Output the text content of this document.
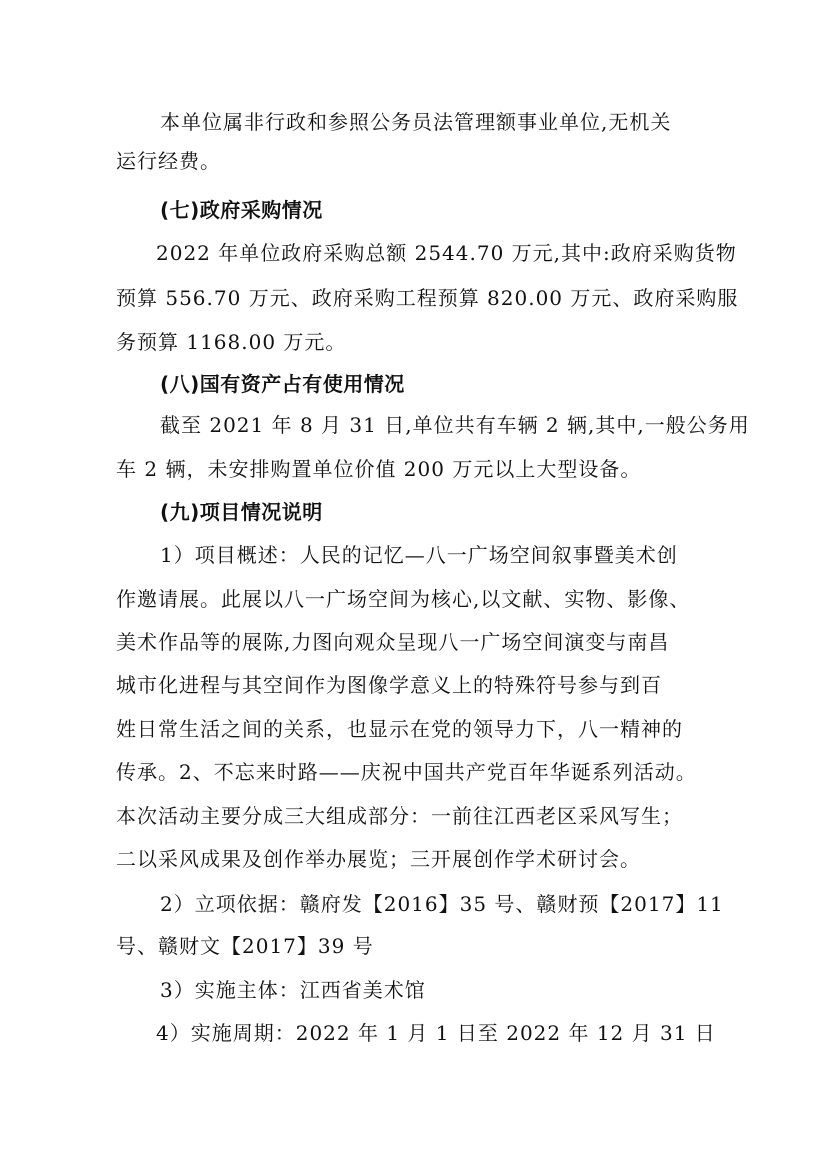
本单位属非行政和参照公务员法管理额事业单位,无机关
运行经费。
(七)政府采购情况
2022 年单位政府采购总额 2544.70 万元,其中:政府采购货物
预算 556.70 万元、政府采购工程预算 820.00 万元、政府采购服
务预算 1168.00 万元。
(八)国有资产占有使用情况
截至 2021 年 8 月 31 日,单位共有车辆 2 辆,其中,一般公务用
车 2 辆，未安排购置单位价值 200 万元以上大型设备。
(九)项目情况说明
1）项目概述：人民的记忆—八一广场空间叙事暨美术创
作邀请展。此展以八一广场空间为核心,以文献、实物、影像、
美术作品等的展陈,力图向观众呈现八一广场空间演变与南昌
城市化进程与其空间作为图像学意义上的特殊符号参与到百
姓日常生活之间的关系，也显示在党的领导力下，八一精神的
传承。2、不忘来时路——庆祝中国共产党百年华诞系列活动。
本次活动主要分成三大组成部分：一前往江西老区采风写生；
二以采风成果及创作举办展览；三开展创作学术研讨会。
2）立项依据：赣府发【2016】35 号、赣财预【2017】11
号、赣财文【2017】39 号
3）实施主体：江西省美术馆
4）实施周期：2022 年 1 月 1 日至 2022 年 12 月 31 日
